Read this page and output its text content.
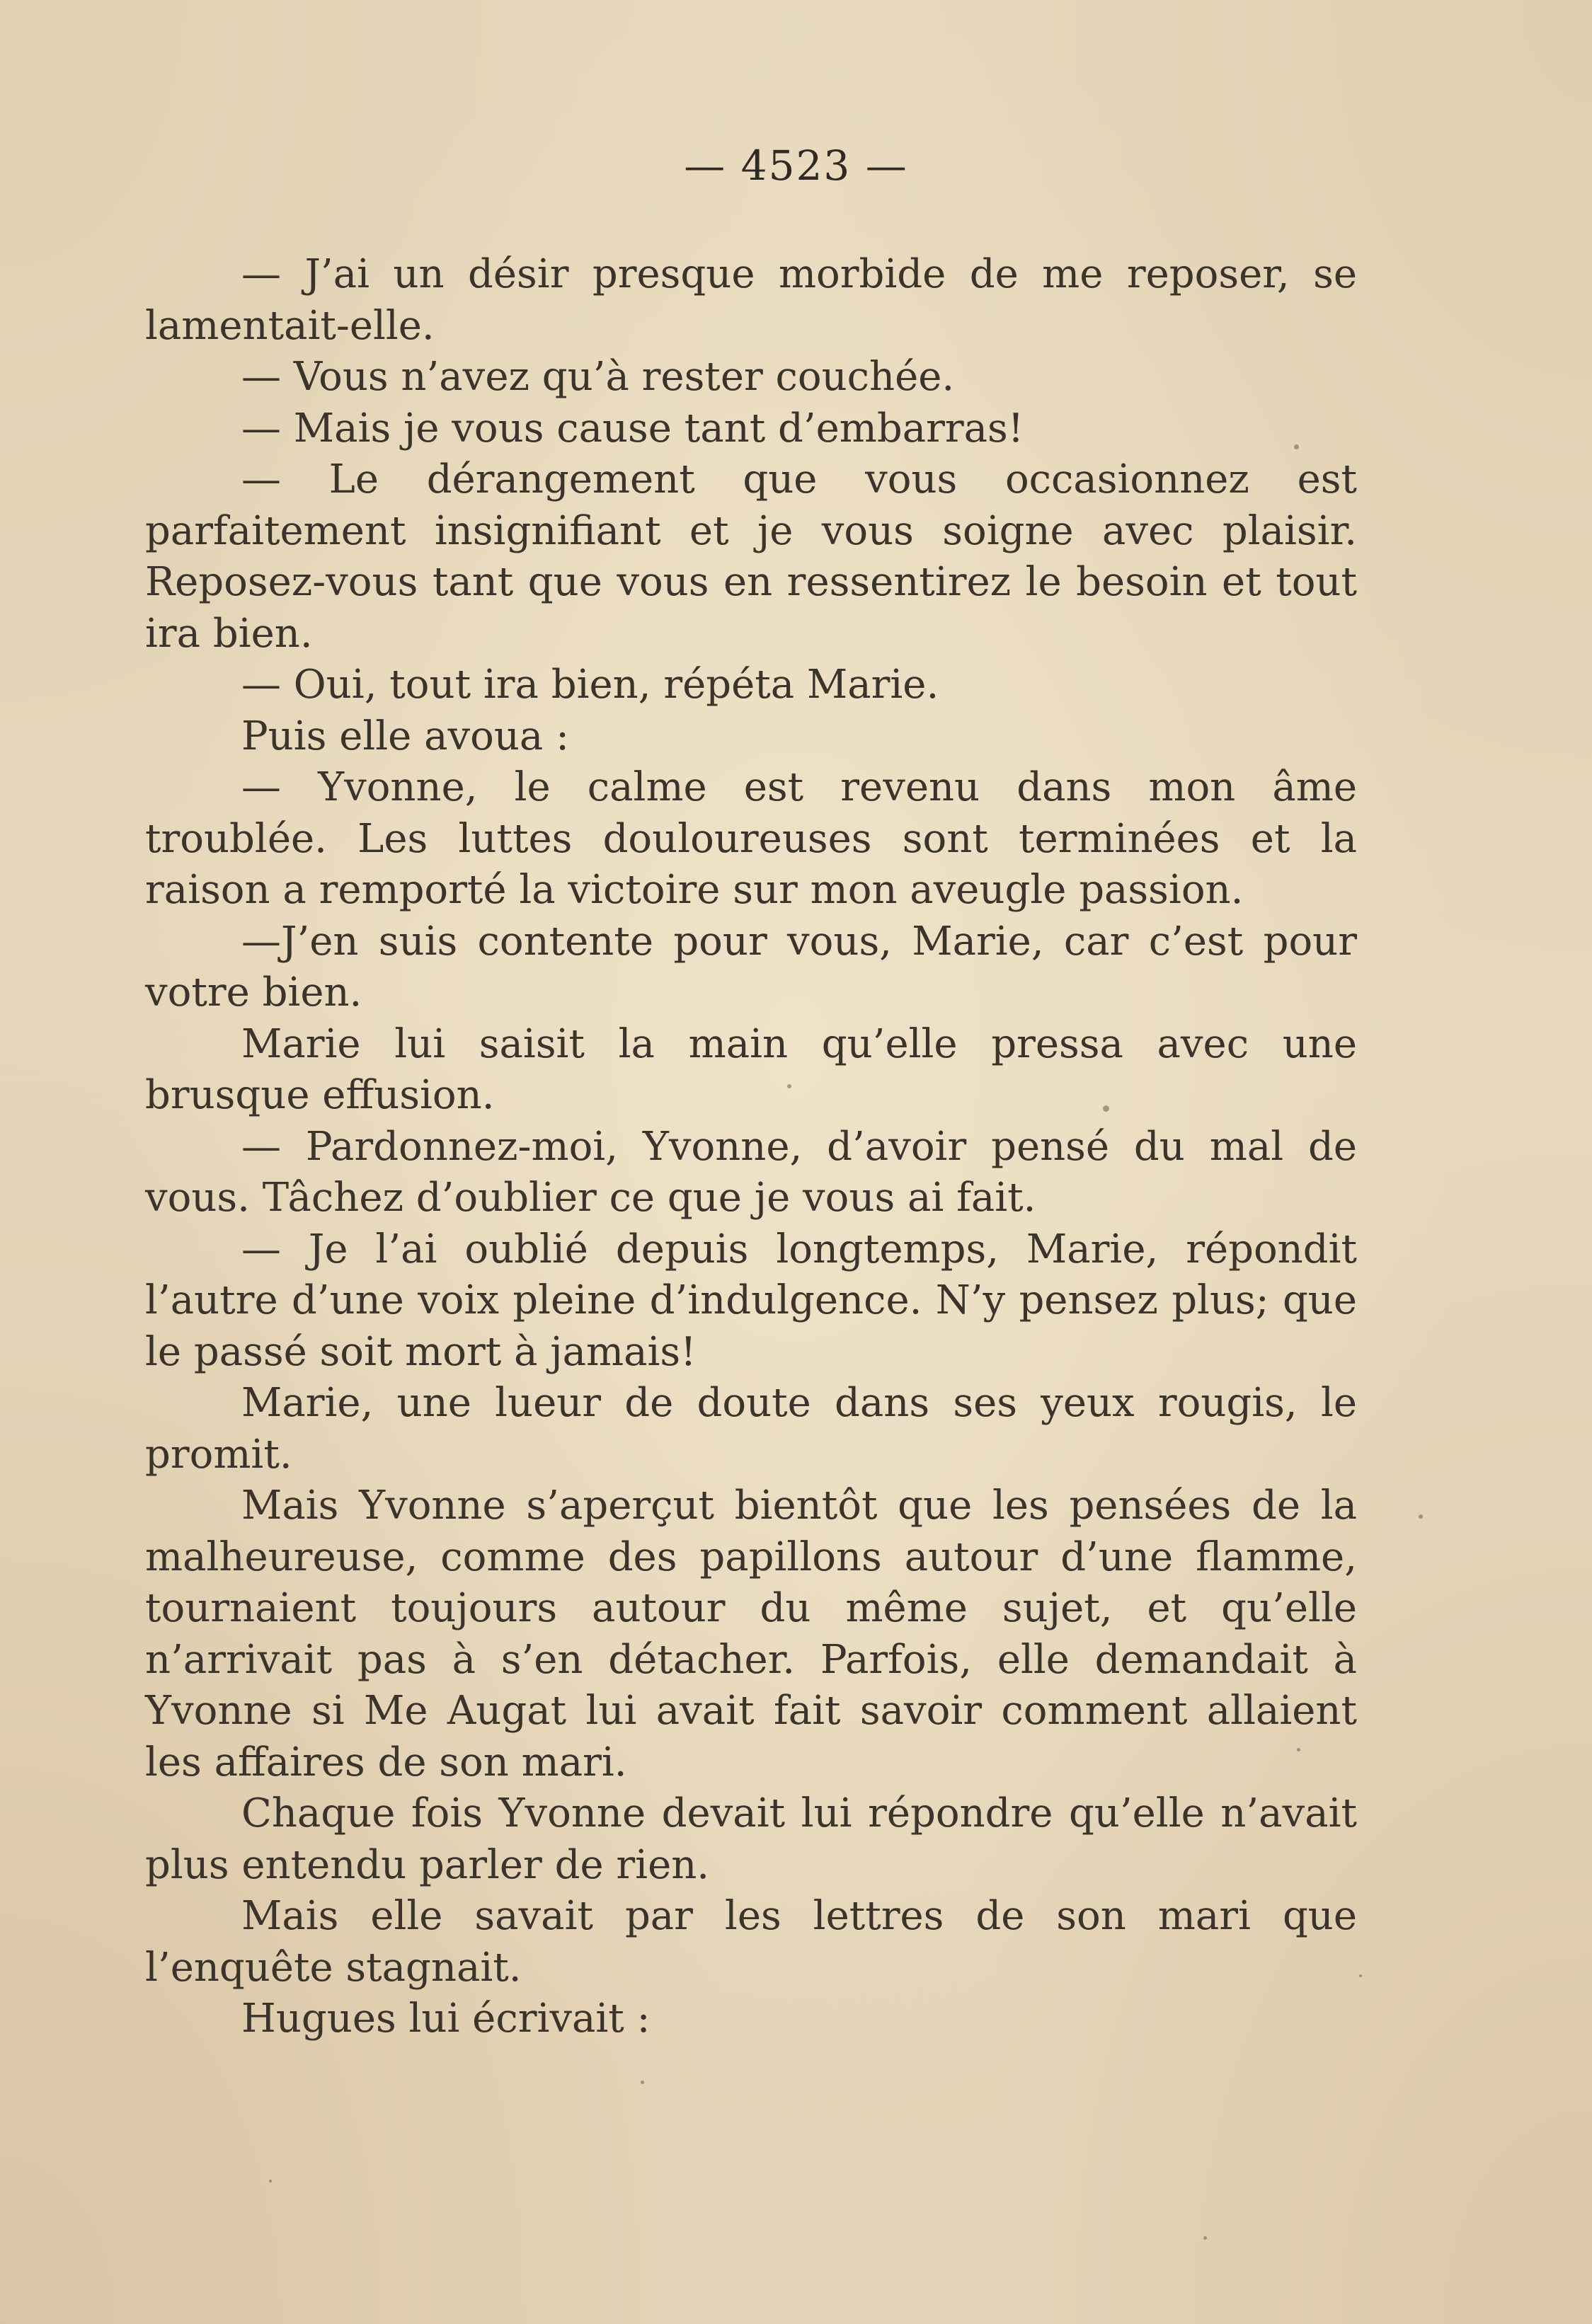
— 4523 —

— J’ai un désir presque morbide de me reposer, se lamentait-elle.

— Vous n’avez qu’à rester couchée.

— Mais je vous cause tant d’embarras!

— Le dérangement que vous occasionnez est parfaitement insignifiant et je vous soigne avec plaisir. Reposez-vous tant que vous en ressentirez le besoin et tout ira bien.

— Oui, tout ira bien, répéta Marie.

Puis elle avoua :

— Yvonne, le calme est revenu dans mon âme troublée. Les luttes douloureuses sont terminées et la raison a remporté la victoire sur mon aveugle passion.

—J’en suis contente pour vous, Marie, car c’est pour votre bien.

Marie lui saisit la main qu’elle pressa avec une brusque effusion.

— Pardonnez-moi, Yvonne, d’avoir pensé du mal de vous. Tâchez d’oublier ce que je vous ai fait.

— Je l’ai oublié depuis longtemps, Marie, répondit l’autre d’une voix pleine d’indulgence. N’y pensez plus; que le passé soit mort à jamais!

Marie, une lueur de doute dans ses yeux rougis, le promit.

Mais Yvonne s’aperçut bientôt que les pensées de la malheureuse, comme des papillons autour d’une flamme, tournaient toujours autour du même sujet, et qu’elle n’arrivait pas à s’en détacher. Parfois, elle demandait à Yvonne si Me Augat lui avait fait savoir comment allaient les affaires de son mari.

Chaque fois Yvonne devait lui répondre qu’elle n’avait plus entendu parler de rien.

Mais elle savait par les lettres de son mari que l’enquête stagnait.

Hugues lui écrivait :
